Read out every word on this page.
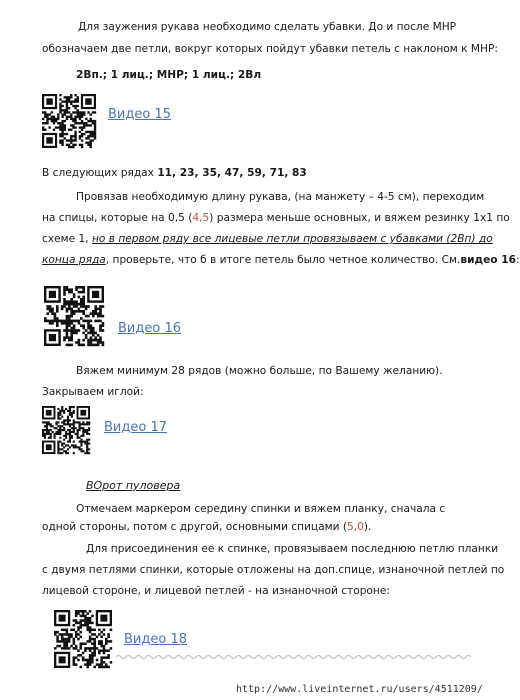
Для заужения рукава необходимо сделать убавки. До и после МНР
обозначаем две петли, вокруг которых пойдут убавки петель с наклоном к МНР:
2Вп.; 1 лиц.; МНР; 1 лиц.; 2Вл
Видео 15
В следующих рядах 11, 23, 35, 47, 59, 71, 83
Провязав необходимую длину рукава, (на манжету – 4-5 см), переходим
на спицы, которые на 0,5 (4,5) размера меньше основных, и вяжем резинку 1х1 по
схеме 1, но в первом ряду все лицевые петли провязываем с убавками (2Вп) до
конца ряда, проверьте, что б в итоге петель было четное количество. См.видео 16:
Видео 16
Вяжем минимум 28 рядов (можно больше, по Вашему желанию).
Закрываем иглой:
Видео 17
ВОрот пуловера
Отмечаем маркером середину спинки и вяжем планку, сначала с
одной стороны, потом с другой, основными спицами (5,0).
Для присоединения ее к спинке, провязываем последнюю петлю планки
с двумя петлями спинки, которые отложены на доп.спице, изнаночной петлей по
лицевой стороне, и лицевой петлей - на изнаночной стороне:
Видео 18
http://www.liveinternet.ru/users/4511209/
